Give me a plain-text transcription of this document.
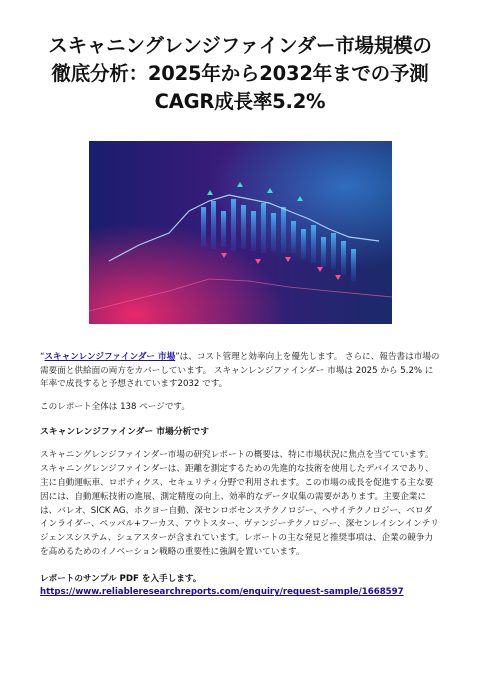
スキャニングレンジファインダー市場規模の徹底分析：2025年から2032年までの予測CAGR成長率5.2%

“スキャンレンジファインダー 市場”は、コスト管理と効率向上を優先します。 さらに、報告書は市場の需要面と供給面の両方をカバーしています。 スキャンレンジファインダー 市場は 2025 から 5.2% に年率で成長すると予想されています2032 です。

このレポート全体は 138 ページです。

スキャンレンジファインダー 市場分析です

スキャニングレンジファインダー市場の研究レポートの概要は、特に市場状況に焦点を当てています。スキャニングレンジファインダーは、距離を測定するための先進的な技術を使用したデバイスであり、主に自動運転車、ロボティクス、セキュリティ分野で利用されます。この市場の成長を促進する主な要因には、自動運転技術の進展、測定精度の向上、効率的なデータ収集の需要があります。主要企業には、バレオ、SICK AG、ホクヨー自動、深センロボセンステクノロジー、ヘサイテクノロジー、ベロダインライダー、ペッパル+フーカス、アウトスター、ヴァンジーテクノロジー、深センレイシンインテリジェンスシステム、シュアスターが含まれています。レポートの主な発見と推奨事項は、企業の競争力を高めるためのイノベーション戦略の重要性に強調を置いています。

レポートのサンプル PDF を入手します。 https://www.reliableresearchreports.com/enquiry/request-sample/1668597
